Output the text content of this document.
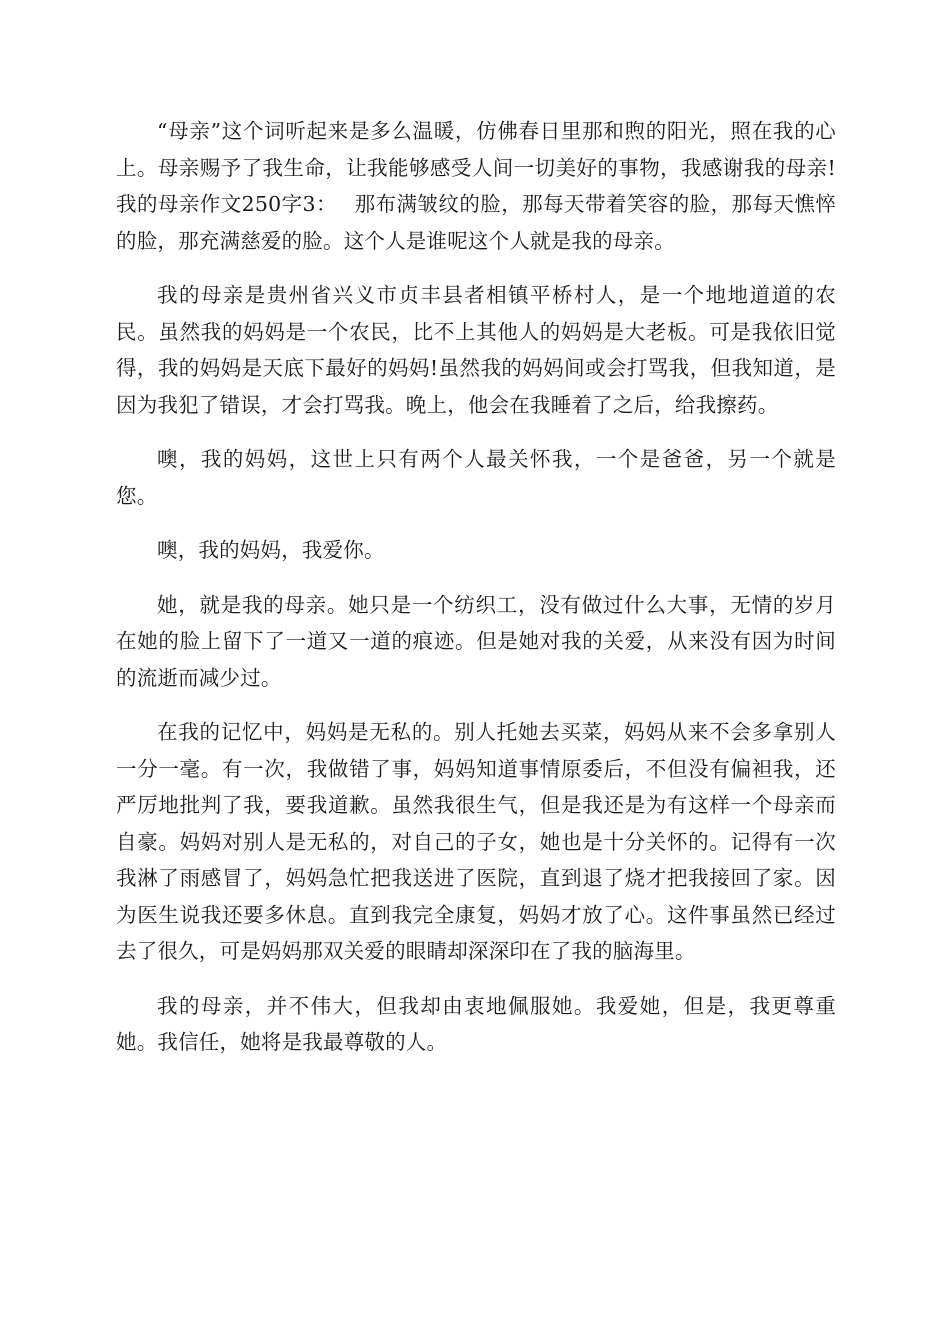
“母亲”这个词听起来是多么温暖，仿佛春日里那和煦的阳光，照在我的心上。母亲赐予了我生命，让我能够感受人间一切美好的事物，我感谢我的母亲!我的母亲作文250字3：　 那布满皱纹的脸，那每天带着笑容的脸，那每天憔悴的脸，那充满慈爱的脸。这个人是谁呢这个人就是我的母亲。

我的母亲是贵州省兴义市贞丰县者相镇平桥村人，是一个地地道道的农民。虽然我的妈妈是一个农民，比不上其他人的妈妈是大老板。可是我依旧觉得，我的妈妈是天底下最好的妈妈!虽然我的妈妈间或会打骂我，但我知道，是因为我犯了错误，才会打骂我。晚上，他会在我睡着了之后，给我擦药。

噢，我的妈妈，这世上只有两个人最关怀我，一个是爸爸，另一个就是您。

噢，我的妈妈，我爱你。

她，就是我的母亲。她只是一个纺织工，没有做过什么大事，无情的岁月在她的脸上留下了一道又一道的痕迹。但是她对我的关爱，从来没有因为时间的流逝而减少过。

在我的记忆中，妈妈是无私的。别人托她去买菜，妈妈从来不会多拿别人一分一毫。有一次，我做错了事，妈妈知道事情原委后，不但没有偏袒我，还严厉地批判了我，要我道歉。虽然我很生气，但是我还是为有这样一个母亲而自豪。妈妈对别人是无私的，对自己的子女，她也是十分关怀的。记得有一次我淋了雨感冒了，妈妈急忙把我送进了医院，直到退了烧才把我接回了家。因为医生说我还要多休息。直到我完全康复，妈妈才放了心。这件事虽然已经过去了很久，可是妈妈那双关爱的眼睛却深深印在了我的脑海里。

我的母亲，并不伟大，但我却由衷地佩服她。我爱她，但是，我更尊重她。我信任，她将是我最尊敬的人。
